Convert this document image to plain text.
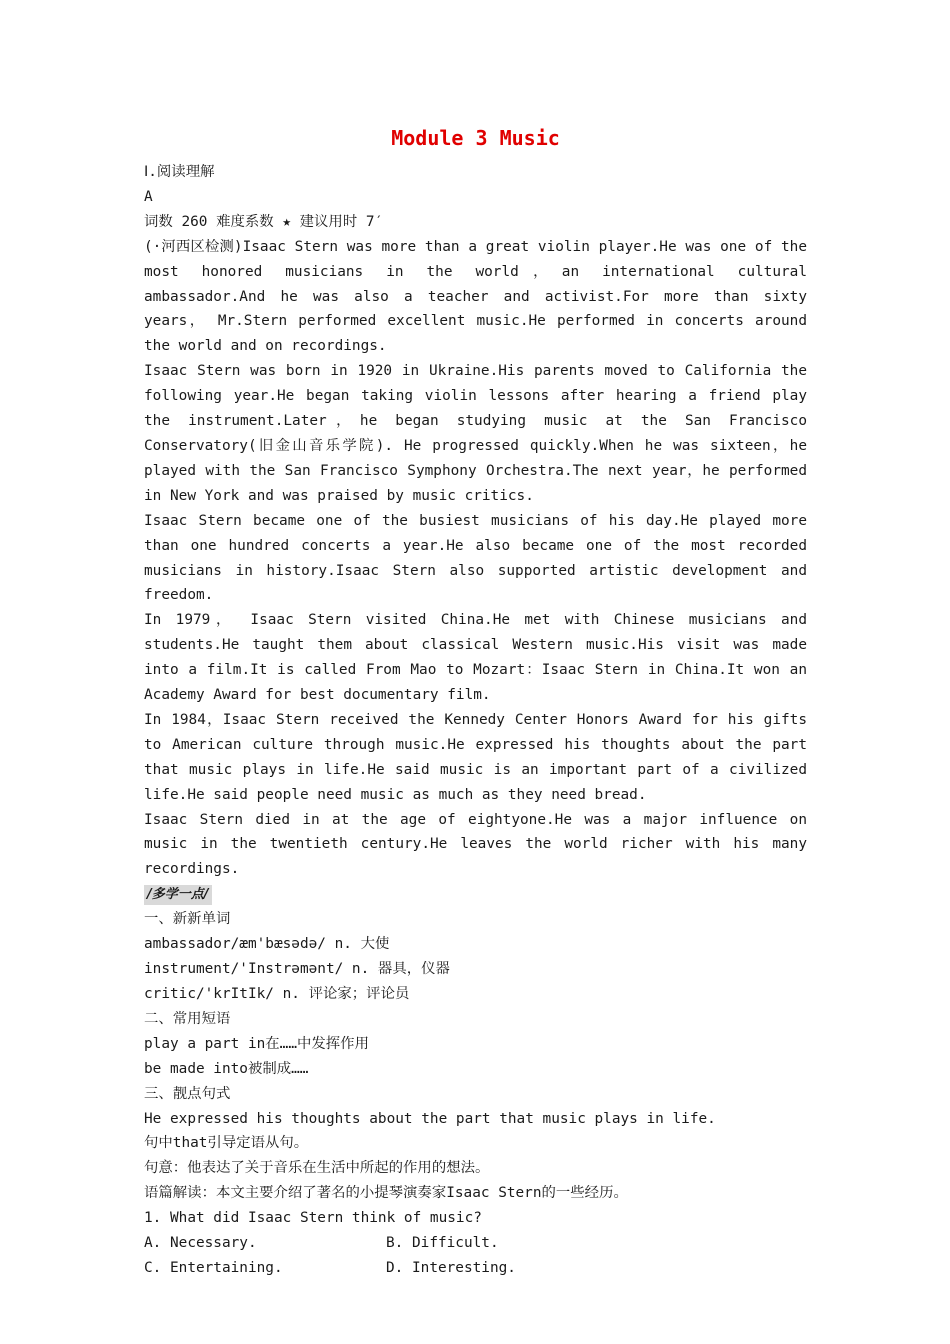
Module 3 Music
Ⅰ.阅读理解
A
词数 260 难度系数 ★ 建议用时 7′
(·河西区检测)Isaac Stern was more than a great violin player.He was one of the most honored musicians in the world，an international cultural ambassador.And he was also a teacher and activist.For more than sixty years， Mr.Stern performed excellent music.He performed in concerts around the world and on recordings.
Isaac Stern was born in 1920 in Ukraine.His parents moved to California the following year.He began taking violin lessons after hearing a friend play the instrument.Later，he began studying music at the San Francisco Conservatory(旧金山音乐学院). He progressed quickly.When he was sixteen，he played with the San Francisco Symphony Orchestra.The next year，he performed in New York and was praised by music critics.
Isaac Stern became one of the busiest musicians of his day.He played more than one hundred concerts a year.He also became one of the most recorded musicians in history.Isaac Stern also supported artistic development and freedom.
In 1979， Isaac Stern visited China.He met with Chinese musicians and students.He taught them about classical Western music.His visit was made into a film.It is called From Mao to Mozart：Isaac Stern in China.It won an Academy Award for best documentary film.
In 1984，Isaac Stern received the Kennedy Center Honors Award for his gifts to American culture through music.He expressed his thoughts about the part that music plays in life.He said music is an important part of a civilized life.He said people need music as much as they need bread.
Isaac Stern died in at the age of eightyone.He was a major influence on music in the twentieth century.He leaves the world richer with his many recordings.
/多学一点/
一、新新单词
ambassador/æm'bæsədə/ n. 大使
instrument/'Instrəmənt/ n. 器具，仪器
critic/'krItIk/ n. 评论家；评论员
二、常用短语
play a part in在……中发挥作用
be made into被制成……
三、靓点句式
He expressed his thoughts about the part that music plays in life.
句中that引导定语从句。
句意：他表达了关于音乐在生活中所起的作用的想法。
语篇解读：本文主要介绍了著名的小提琴演奏家Isaac Stern的一些经历。
1. What did Isaac Stern think of music?
A. Necessary.	B. Difficult.
C. Entertaining.	D. Interesting.
